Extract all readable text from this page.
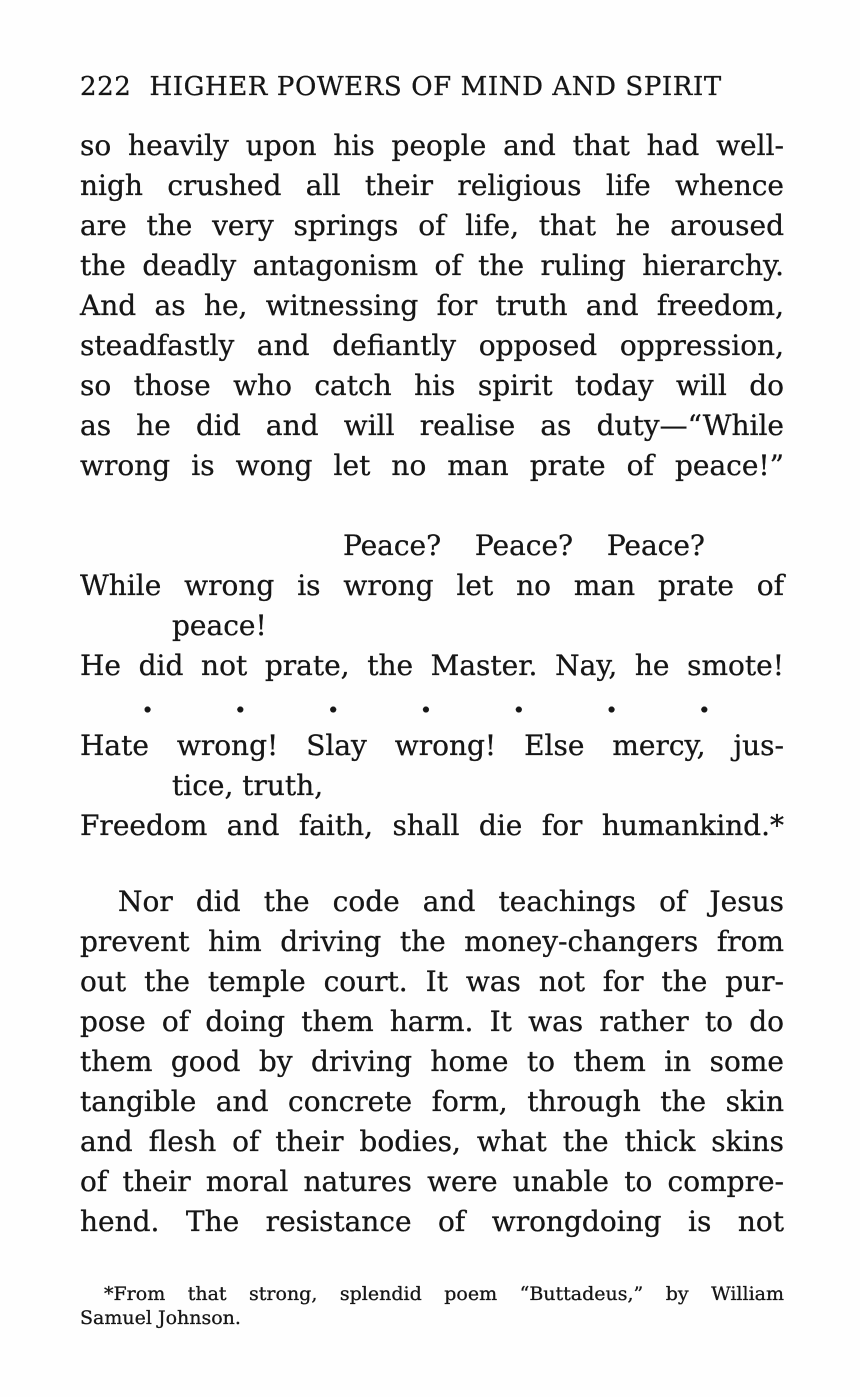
222 HIGHER POWERS OF MIND AND SPIRIT
so heavily upon his people and that had well-
nigh crushed all their religious life whence
are the very springs of life, that he aroused
the deadly antagonism of the ruling hierarchy.
And as he, witnessing for truth and freedom,
steadfastly and defiantly opposed oppression,
so those who catch his spirit today will do
as he did and will realise as duty—“While
wrong is wong let no man prate of peace!”
Peace?  Peace?  Peace?
While wrong is wrong let no man prate of
peace!
He did not prate, the Master. Nay, he smote!
.	.	.	.	.	.	.
Hate wrong! Slay wrong! Else mercy, jus-
tice, truth,
Freedom and faith, shall die for humankind.*
Nor did the code and teachings of Jesus
prevent him driving the money-changers from
out the temple court. It was not for the pur-
pose of doing them harm. It was rather to do
them good by driving home to them in some
tangible and concrete form, through the skin
and flesh of their bodies, what the thick skins
of their moral natures were unable to compre-
hend. The resistance of wrongdoing is not
*From that strong, splendid poem “Buttadeus,” by William
Samuel Johnson.
